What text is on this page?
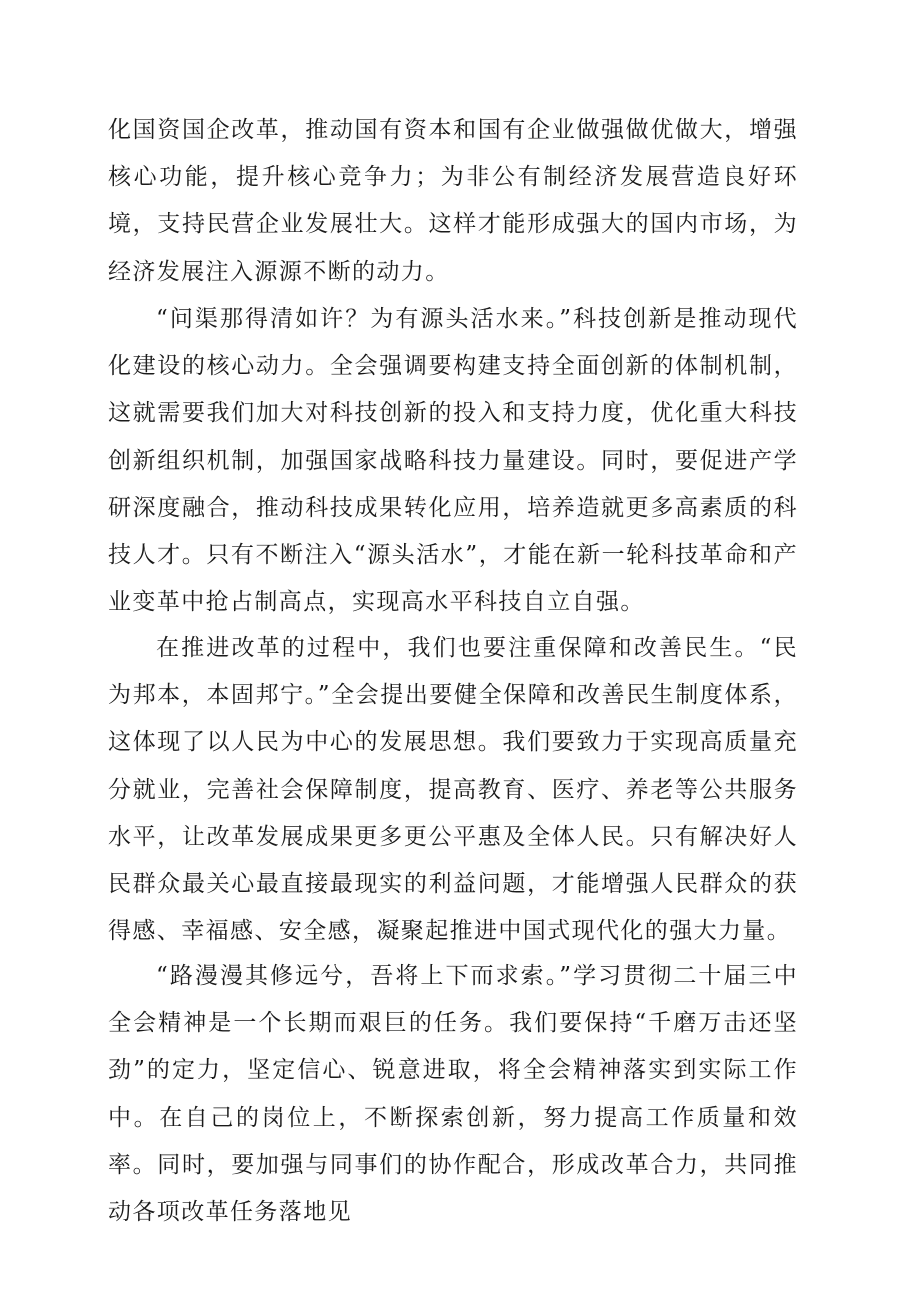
化国资国企改革，推动国有资本和国有企业做强做优做大，增强核心功能，提升核心竞争力；为非公有制经济发展营造良好环境，支持民营企业发展壮大。这样才能形成强大的国内市场，为经济发展注入源源不断的动力。

“问渠那得清如许？为有源头活水来。”科技创新是推动现代化建设的核心动力。全会强调要构建支持全面创新的体制机制，这就需要我们加大对科技创新的投入和支持力度，优化重大科技创新组织机制，加强国家战略科技力量建设。同时，要促进产学研深度融合，推动科技成果转化应用，培养造就更多高素质的科技人才。只有不断注入“源头活水”，才能在新一轮科技革命和产业变革中抢占制高点，实现高水平科技自立自强。

在推进改革的过程中，我们也要注重保障和改善民生。“民为邦本，本固邦宁。”全会提出要健全保障和改善民生制度体系，这体现了以人民为中心的发展思想。我们要致力于实现高质量充分就业，完善社会保障制度，提高教育、医疗、养老等公共服务水平，让改革发展成果更多更公平惠及全体人民。只有解决好人民群众最关心最直接最现实的利益问题，才能增强人民群众的获得感、幸福感、安全感，凝聚起推进中国式现代化的强大力量。

“路漫漫其修远兮，吾将上下而求索。”学习贯彻二十届三中全会精神是一个长期而艰巨的任务。我们要保持“千磨万击还坚劲”的定力，坚定信心、锐意进取，将全会精神落实到实际工作中。在自己的岗位上，不断探索创新，努力提高工作质量和效率。同时，要加强与同事们的协作配合，形成改革合力，共同推动各项改革任务落地见
